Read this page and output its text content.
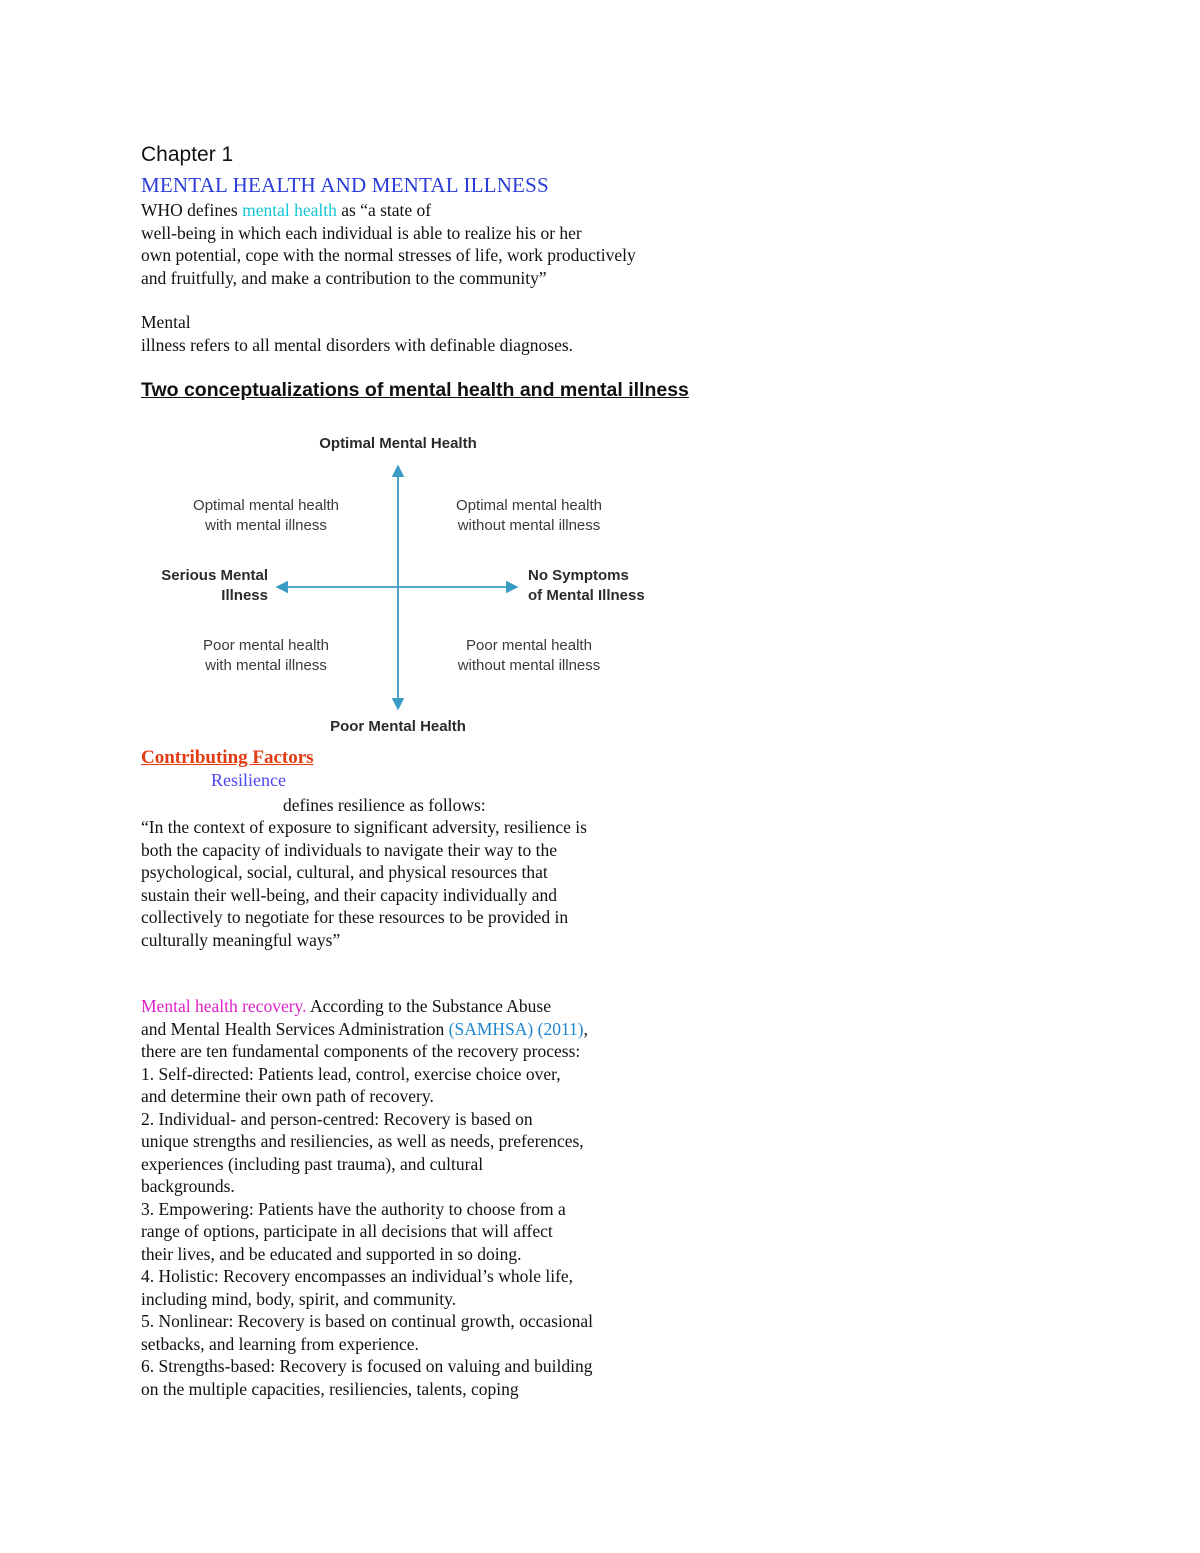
Chapter 1
MENTAL HEALTH AND MENTAL ILLNESS
WHO defines mental health as “a state of
well-being in which each individual is able to realize his or her
own potential, cope with the normal stresses of life, work productively
and fruitfully, and make a contribution to the community”
Mental
illness refers to all mental disorders with definable diagnoses.
Two conceptualizations of mental health and mental illness
Optimal Mental Health
Poor Mental Health
Serious Mental
Illness
No Symptoms
of Mental Illness
Optimal mental health
with mental illness
Optimal mental health
without mental illness
Poor mental health
with mental illness
Poor mental health
without mental illness
Contributing Factors
Resilience
defines resilience as follows:
“In the context of exposure to significant adversity, resilience is
both the capacity of individuals to navigate their way to the
psychological, social, cultural, and physical resources that
sustain their well-being, and their capacity individually and
collectively to negotiate for these resources to be provided in
culturally meaningful ways”
Mental health recovery. According to the Substance Abuse
and Mental Health Services Administration (SAMHSA) (2011),
there are ten fundamental components of the recovery process:
1. Self-directed: Patients lead, control, exercise choice over,
and determine their own path of recovery.
2. Individual- and person-centred: Recovery is based on
unique strengths and resiliencies, as well as needs, preferences,
experiences (including past trauma), and cultural
backgrounds.
3. Empowering: Patients have the authority to choose from a
range of options, participate in all decisions that will affect
their lives, and be educated and supported in so doing.
4. Holistic: Recovery encompasses an individual’s whole life,
including mind, body, spirit, and community.
5. Nonlinear: Recovery is based on continual growth, occasional
setbacks, and learning from experience.
6. Strengths-based: Recovery is focused on valuing and building
on the multiple capacities, resiliencies, talents, coping
